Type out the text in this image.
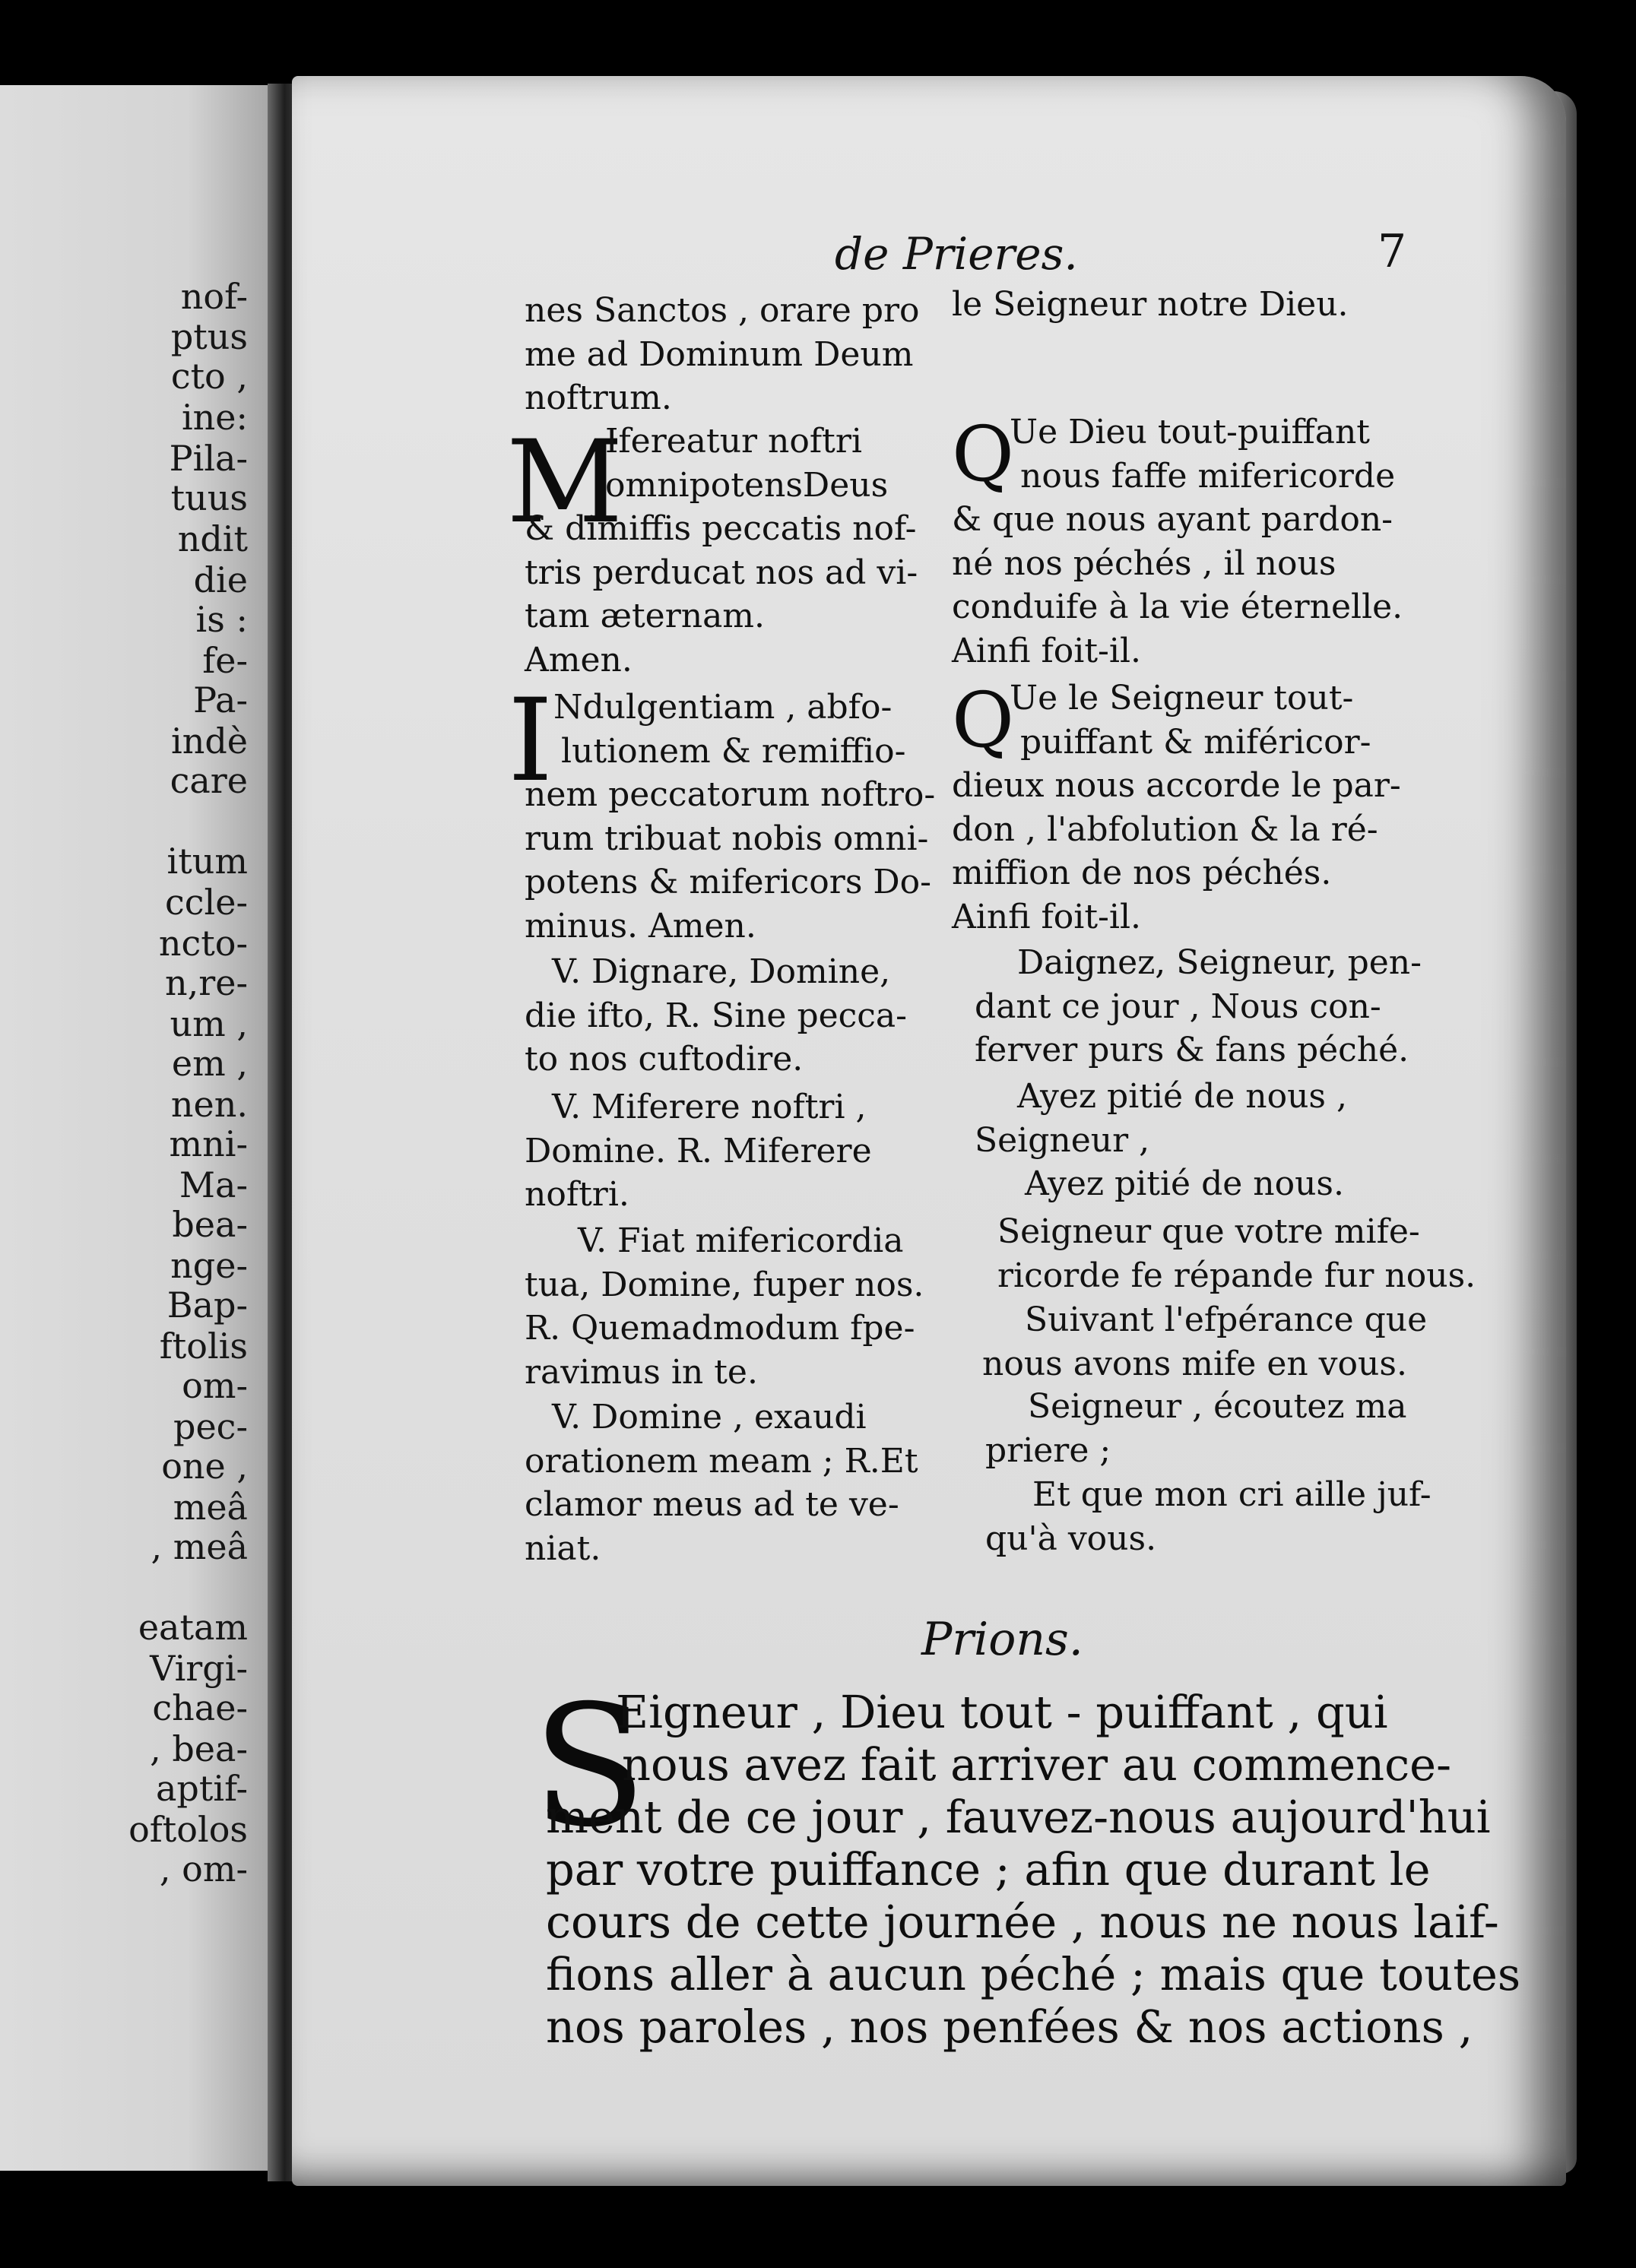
nof-
ptus
cto ,
ine:
Pila-
tuus
ndit
die
is :
fe-
Pa-
indè
care
itum
ccle-
ncto-
n,re-
um ,
em ,
nen.
mni-
Ma-
bea-
nge-
Bap-
ftolis
om-
pec-
one ,
meâ
, meâ
eatam
Virgi-
chae-
, bea-
aptif-
oftolos
, om-
de Prieres.	7
nes Sanctos , orare pro
me ad Dominum Deum
noftrum.
M
Ifereatur noftri
omnipotensDeus
& dimiffis peccatis nof-
tris perducat nos ad vi-
tam æternam.
Amen.
I Ndulgentiam , abfo-
lutionem & remiffio-
nem peccatorum noftro-
rum tribuat nobis omni-
potens & mifericors Do-
minus. Amen.
V. Dignare, Domine,
die ifto, R. Sine pecca-
to nos cuftodire.
V. Miferere noftri ,
Domine. R. Miferere
noftri.
V. Fiat mifericordia
tua, Domine, fuper nos.
R. Quemadmodum fpe-
ravimus in te.
V. Domine , exaudi
orationem meam ; R.Et
clamor meus ad te ve-
niat.
le Seigneur notre Dieu.
Q
Ue Dieu tout-puiffant
nous faffe mifericorde
& que nous ayant pardon-
né nos péchés , il nous
conduife à la vie éternelle.
Ainfi foit-il.
Q
Ue le Seigneur tout-
puiffant & miféricor-
dieux nous accorde le par-
don , l'abfolution & la ré-
miffion de nos péchés.
Ainfi foit-il.
Daignez, Seigneur, pen-
dant ce jour , Nous con-
ferver purs & fans péché.
Ayez pitié de nous ,
Seigneur ,
Ayez pitié de nous.
Seigneur que votre mife-
ricorde fe répande fur nous.
Suivant l'efpérance que
nous avons mife en vous.
Seigneur , écoutez ma
priere ;
Et que mon cri aille juf-
qu'à vous.
Prions.
S
Eigneur , Dieu tout - puiffant , qui
nous avez fait arriver au commence-
ment de ce jour , fauvez-nous aujourd'hui
par votre puiffance ; afin que durant le
cours de cette journée , nous ne nous laif-
fions aller à aucun péché ; mais que toutes
nos paroles , nos penfées & nos actions ,
